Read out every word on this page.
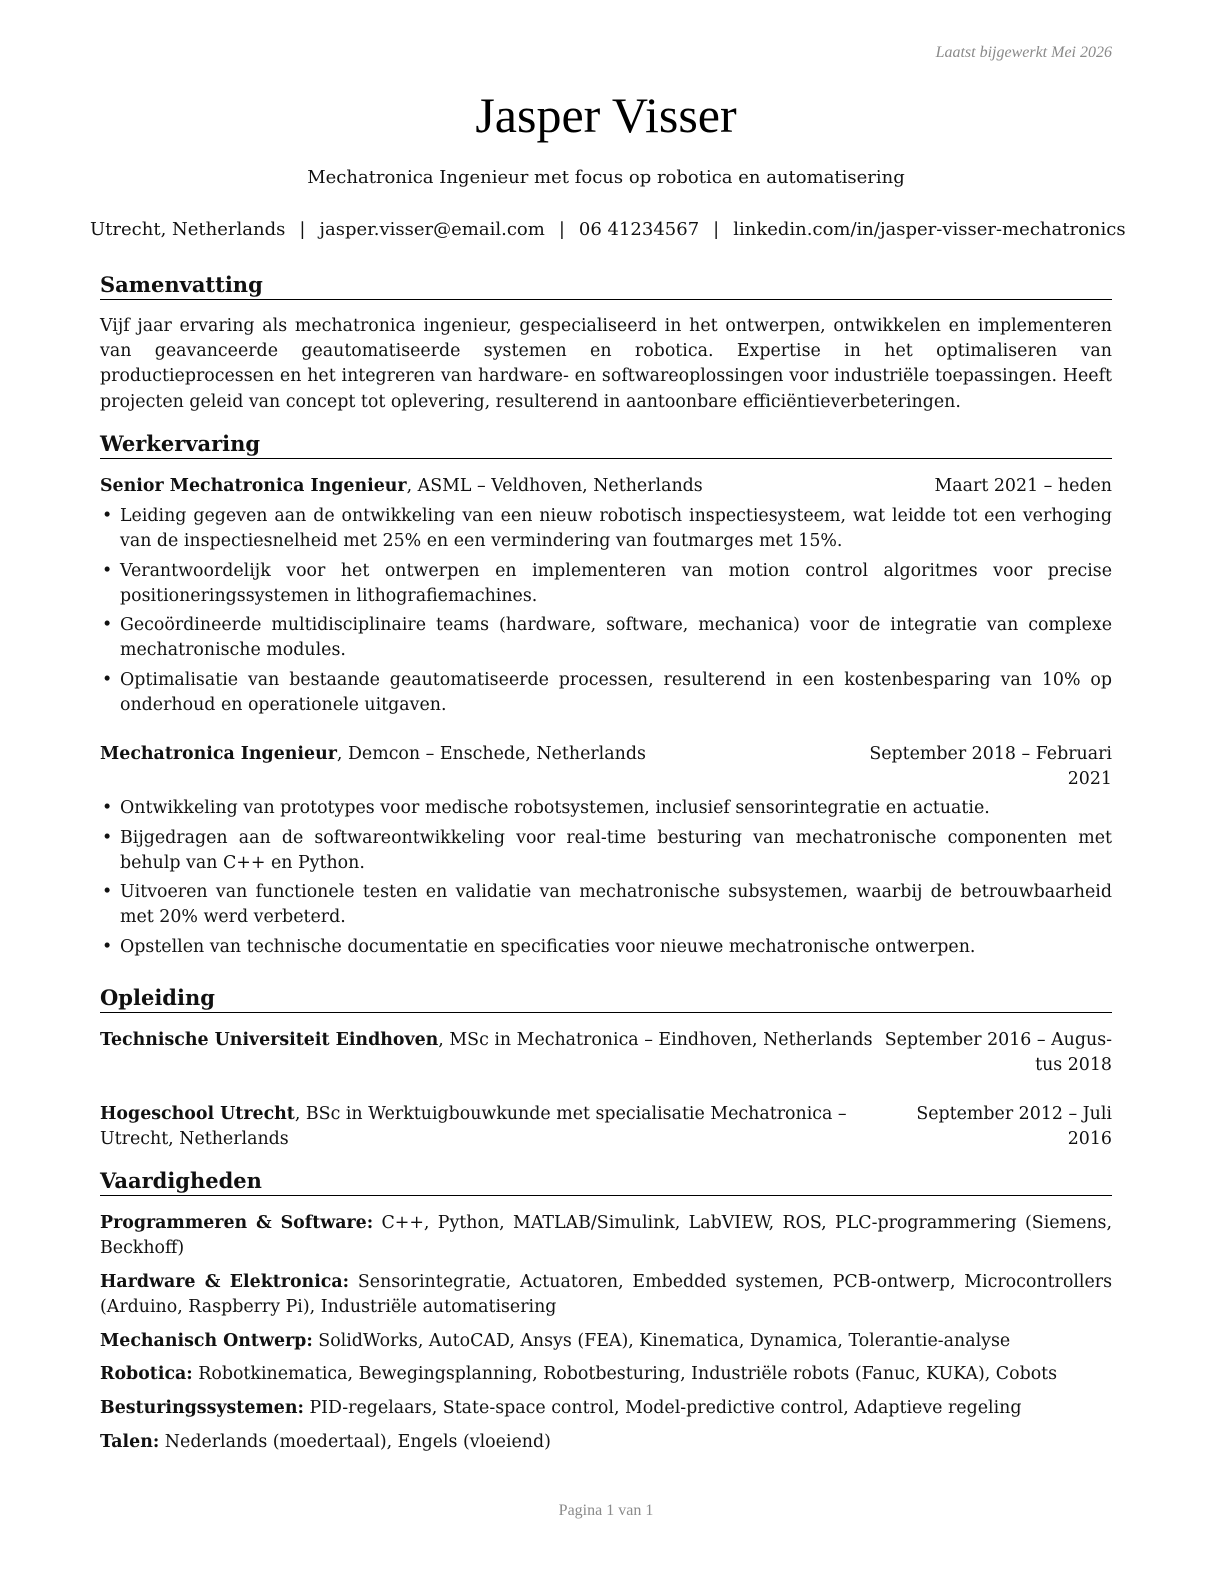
Laatst bijgewerkt Mei 2026
Jasper Visser
Mechatronica Ingenieur met focus op robotica en automatisering
Utrecht, Netherlands | jasper.visser@email.com | 06 41234567 | linkedin.com/in/jasper-visser-mechatronics
Samenvatting
Vijf jaar ervaring als mechatronica ingenieur, gespecialiseerd in het ontwerpen, ontwikkelen en implementeren van geavanceerde geautomatiseerde systemen en robotica. Expertise in het optimaliseren van productieprocessen en het integreren van hardware- en softwareoplossingen voor industriële toepassingen. Heeft projecten geleid van concept tot oplevering, resulterend in aantoonbare efficiëntieverbeteringen.
Werkervaring
Senior Mechatronica Ingenieur, ASML – Veldhoven, Netherlands	Maart 2021 – heden
• Leiding gegeven aan de ontwikkeling van een nieuw robotisch inspectiesysteem, wat leidde tot een verhoging van de inspectiesnelheid met 25% en een vermindering van foutmarges met 15%.
• Verantwoordelijk voor het ontwerpen en implementeren van motion control algoritmes voor precise positioneringssystemen in lithografiemachines.
• Gecoördineerde multidisciplinaire teams (hardware, software, mechanica) voor de integratie van complexe mechatronische modules.
• Optimalisatie van bestaande geautomatiseerde processen, resulterend in een kostenbesparing van 10% op onderhoud en operationele uitgaven.
Mechatronica Ingenieur, Demcon – Enschede, Netherlands	September 2018 – Februari
2021
• Ontwikkeling van prototypes voor medische robotsystemen, inclusief sensorintegratie en actuatie.
• Bijgedragen aan de softwareontwikkeling voor real-time besturing van mechatronische componenten met behulp van C++ en Python.
• Uitvoeren van functionele testen en validatie van mechatronische subsystemen, waarbij de betrouwbaarheid met 20% werd verbeterd.
• Opstellen van technische documentatie en specificaties voor nieuwe mechatronische ontwerpen.
Opleiding
Technische Universiteit Eindhoven, MSc in Mechatronica – Eindhoven, Netherlands September 2016 – Augus-
tus 2018
Hogeschool Utrecht, BSc in Werktuigbouwkunde met specialisatie Mechatronica –
Utrecht, Netherlands
September 2012 – Juli
2016
Vaardigheden
Programmeren & Software: C++, Python, MATLAB/Simulink, LabVIEW, ROS, PLC-programmering (Siemens, Beckhoff)
Hardware & Elektronica: Sensorintegratie, Actuatoren, Embedded systemen, PCB-ontwerp, Microcontrollers (Arduino, Raspberry Pi), Industriële automatisering
Mechanisch Ontwerp: SolidWorks, AutoCAD, Ansys (FEA), Kinematica, Dynamica, Tolerantie-analyse
Robotica: Robotkinematica, Bewegingsplanning, Robotbesturing, Industriële robots (Fanuc, KUKA), Cobots
Besturingssystemen: PID-regelaars, State-space control, Model-predictive control, Adaptieve regeling
Talen: Nederlands (moedertaal), Engels (vloeiend)
Pagina 1 van 1
